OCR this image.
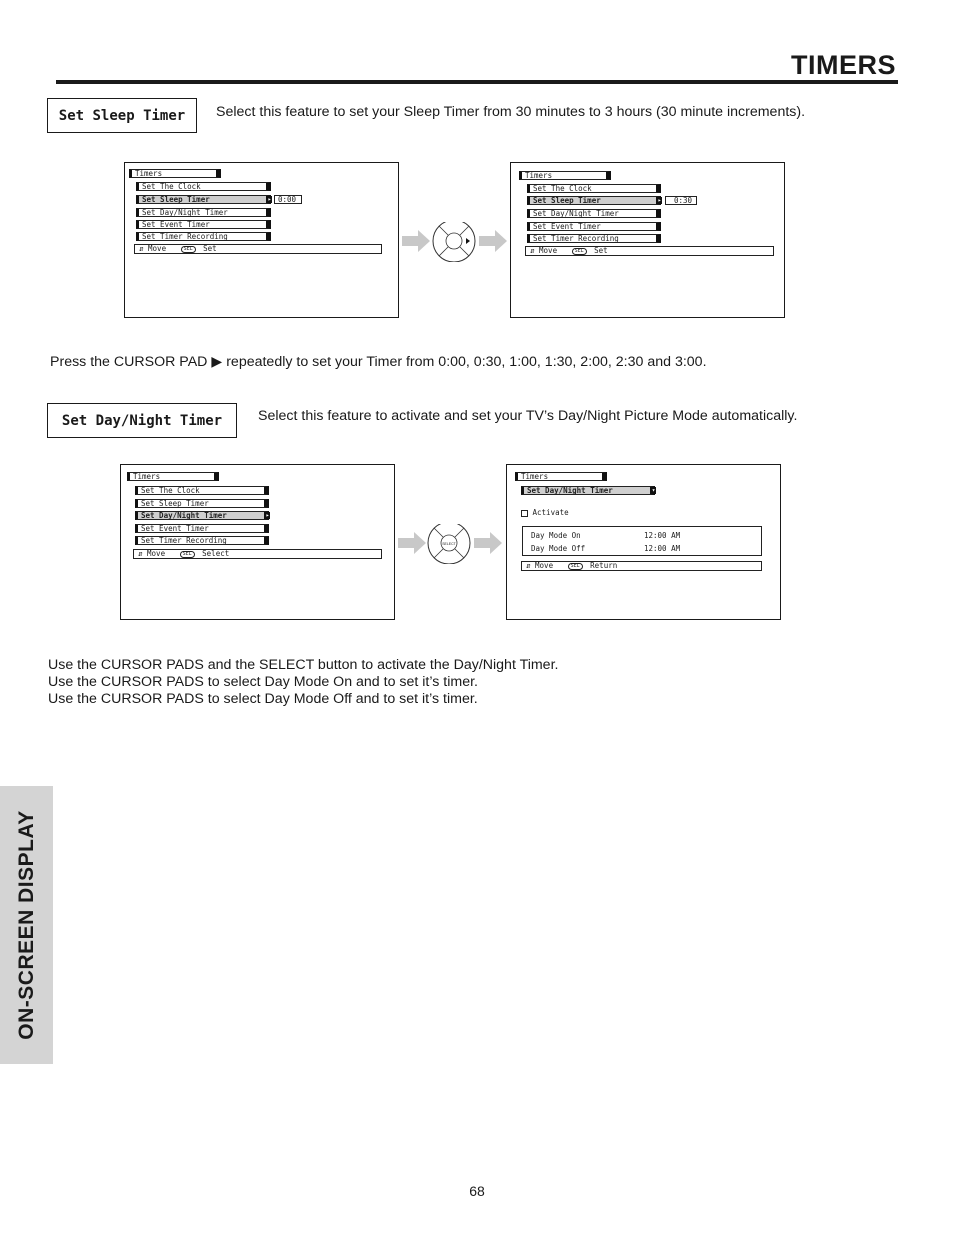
TIMERS
ON-SCREEN DISPLAY
Set Sleep Timer	Select this feature to set your Sleep Timer from 30 minutes to 3 hours (30 minute increments).
Timers
Set The Clock
Set Sleep Timer	▸ 0:00
Set Day/Night Timer
Set Event Timer
Set Timer Recording
⇵ Move	SEL Set
Timers
Set The Clock
Set Sleep Timer	▸	0:30
Set Day/Night Timer
Set Event Timer
Set Timer Recording
⇵ Move	SEL Set
Press the CURSOR PAD ▶ repeatedly to set your Timer from 0:00, 0:30, 1:00, 1:30, 2:00, 2:30 and 3:00.
Set Day/Night Timer	Select this feature to activate and set your TV’s Day/Night Picture Mode automatically.
Timers
Set The Clock
Set Sleep Timer
Set Day/Night Timer	▸
Set Event Timer
Set Timer Recording
⇵ Move	SEL Select
SELECT
Timers
Set Day/Night Timer	▾
Activate
Day Mode On	12:00 AM
Day Mode Off	12:00 AM
⇵ Move	SEL Return
Use the CURSOR PADS and the SELECT button to activate the Day/Night Timer.
Use the CURSOR PADS to select Day Mode On and to set it’s timer.
Use the CURSOR PADS to select Day Mode Off and to set it’s timer.
68
